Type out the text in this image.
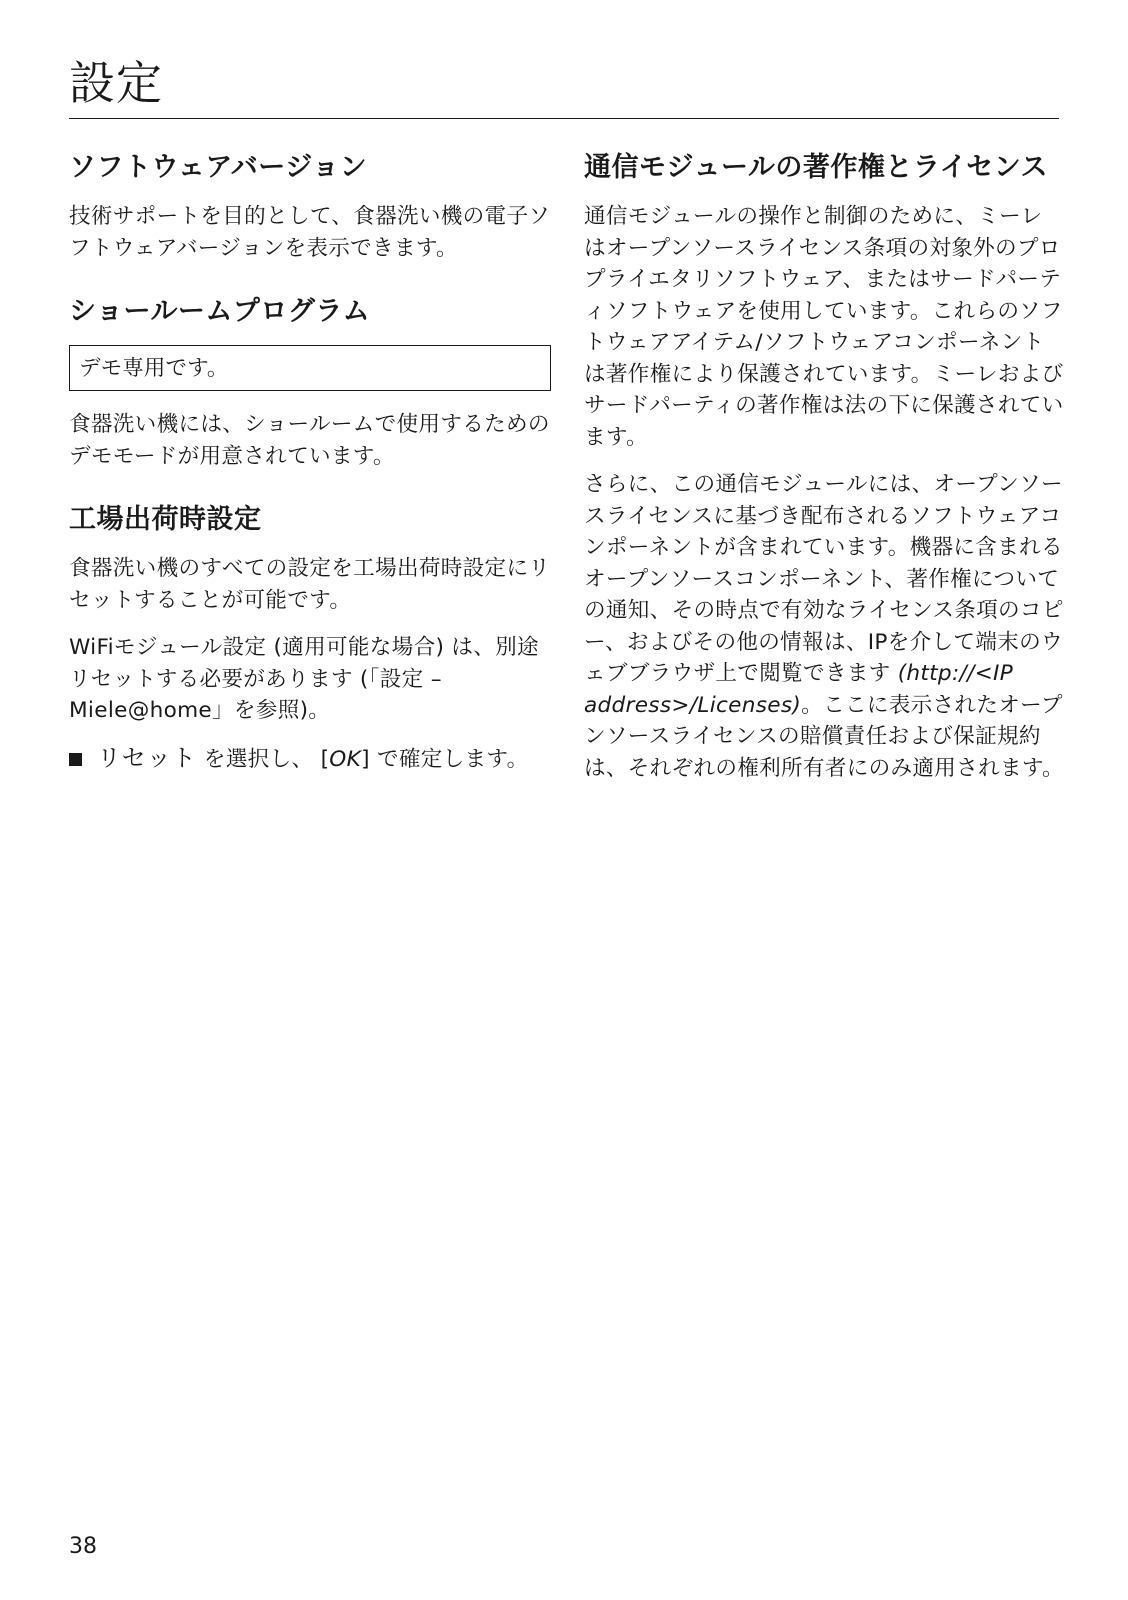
設定
ソフトウェアバージョン

技術サポートを目的として、食器洗い機の電子ソフトウェアバージョンを表示できます。

ショールームプログラム
デモ専用です。

食器洗い機には、ショールームで使用するためのデモモードが用意されています。

工場出荷時設定

食器洗い機のすべての設定を工場出荷時設定にリセットすることが可能です。

WiFiモジュール設定 (適用可能な場合) は、別途リセットする必要があります (「設定 – Miele@home」を参照)。

リセット を選択し、 [OK] で確定します。
通信モジュールの著作権とライセンス

通信モジュールの操作と制御のために、ミーレはオープンソースライセンス条項の対象外のプロプライエタリソフトウェア、またはサードパーティソフトウェアを使用しています。これらのソフトウェアアイテム/ソフトウェアコンポーネントは著作権により保護されています。ミーレおよびサードパーティの著作権は法の下に保護されています。

さらに、この通信モジュールには、オープンソースライセンスに基づき配布されるソフトウェアコンポーネントが含まれています。機器に含まれるオープンソースコンポーネント、著作権についての通知、その時点で有効なライセンス条項のコピー、およびその他の情報は、IPを介して端末のウェブブラウザ上で閲覧できます (http://<IP address>/Licenses)。ここに表示されたオープンソースライセンスの賠償責任および保証規約は、それぞれの権利所有者にのみ適用されます。

38
